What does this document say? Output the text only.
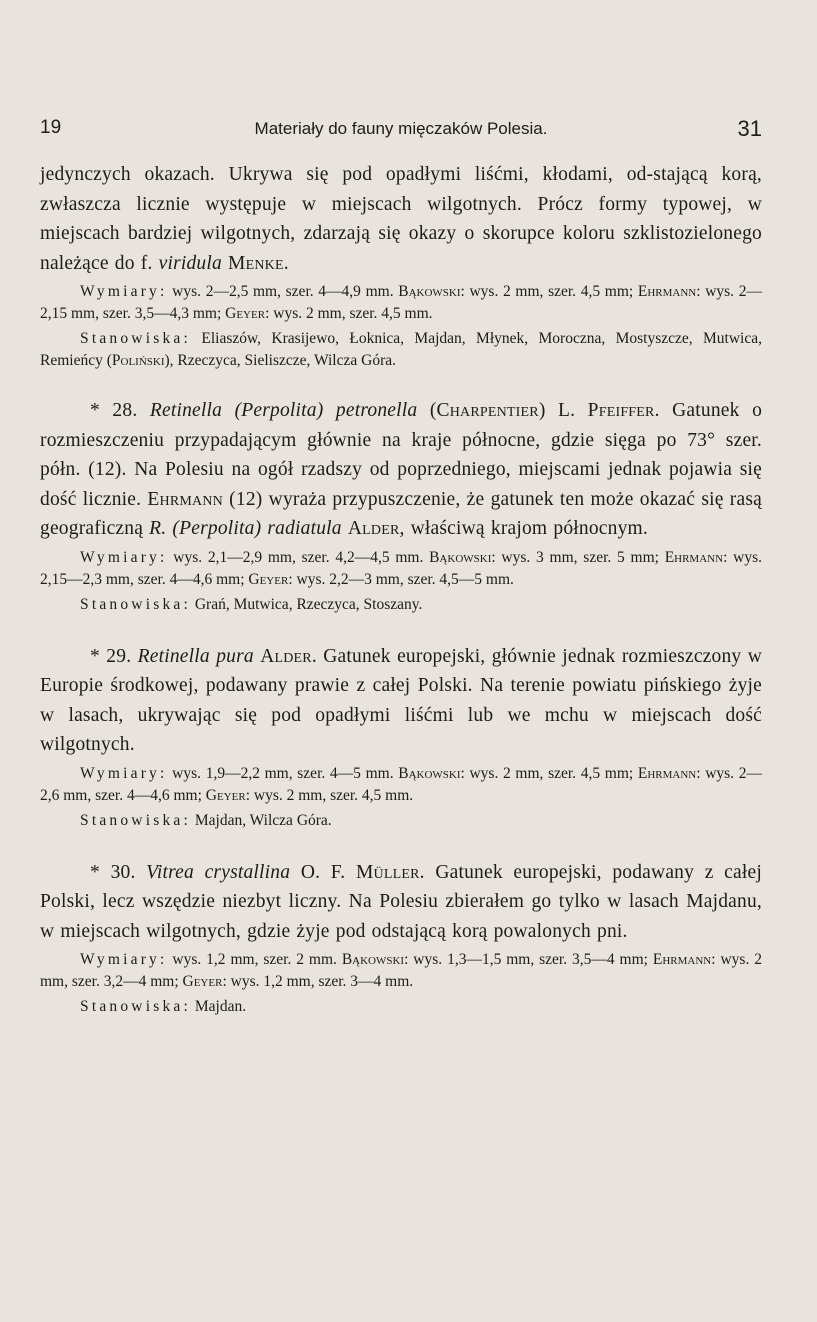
19	Materiały do fauny mięczaków Polesia.	31

jedynczych okazach. Ukrywa się pod opadłymi liśćmi, kłodami, od-stającą korą, zwłaszcza licznie występuje w miejscach wilgotnych. Prócz formy typowej, w miejscach bardziej wilgotnych, zdarzają się okazy o skorupce koloru szklistozielonego należące do f. viridula Menke.

Wymiary: wys. 2—2,5 mm, szer. 4—4,9 mm. Bąkowski: wys. 2 mm, szer. 4,5 mm; Ehrmann: wys. 2—2,15 mm, szer. 3,5—4,3 mm; Geyer: wys. 2 mm, szer. 4,5 mm.

Stanowiska: Eliaszów, Krasijewo, Łoknica, Majdan, Młynek, Moroczna, Mostyszcze, Mutwica, Remieńcy (Poliński), Rzeczyca, Sieliszcze, Wilcza Góra.

* 28. Retinella (Perpolita) petronella (Charpentier) L. Pfeiffer. Gatunek o rozmieszczeniu przypadającym głównie na kraje północne, gdzie sięga po 73° szer. półn. (12). Na Polesiu na ogół rzadszy od poprzedniego, miejscami jednak pojawia się dość licznie. Ehrmann (12) wyraża przypuszczenie, że gatunek ten może okazać się rasą geograficzną R. (Perpolita) radiatula Alder, właściwą krajom północnym.

Wymiary: wys. 2,1—2,9 mm, szer. 4,2—4,5 mm. Bąkowski: wys. 3 mm, szer. 5 mm; Ehrmann: wys. 2,15—2,3 mm, szer. 4—4,6 mm; Geyer: wys. 2,2—3 mm, szer. 4,5—5 mm.

Stanowiska: Grań, Mutwica, Rzeczyca, Stoszany.

* 29. Retinella pura Alder. Gatunek europejski, głównie jednak rozmieszczony w Europie środkowej, podawany prawie z całej Polski. Na terenie powiatu pińskiego żyje w lasach, ukrywając się pod opadłymi liśćmi lub we mchu w miejscach dość wilgotnych.

Wymiary: wys. 1,9—2,2 mm, szer. 4—5 mm. Bąkowski: wys. 2 mm, szer. 4,5 mm; Ehrmann: wys. 2—2,6 mm, szer. 4—4,6 mm; Geyer: wys. 2 mm, szer. 4,5 mm.

Stanowiska: Majdan, Wilcza Góra.

* 30. Vitrea crystallina O. F. Müller. Gatunek europejski, podawany z całej Polski, lecz wszędzie niezbyt liczny. Na Polesiu zbierałem go tylko w lasach Majdanu, w miejscach wilgotnych, gdzie żyje pod odstającą korą powalonych pni.

Wymiary: wys. 1,2 mm, szer. 2 mm. Bąkowski: wys. 1,3—1,5 mm, szer. 3,5—4 mm; Ehrmann: wys. 2 mm, szer. 3,2—4 mm; Geyer: wys. 1,2 mm, szer. 3—4 mm.

Stanowiska: Majdan.
